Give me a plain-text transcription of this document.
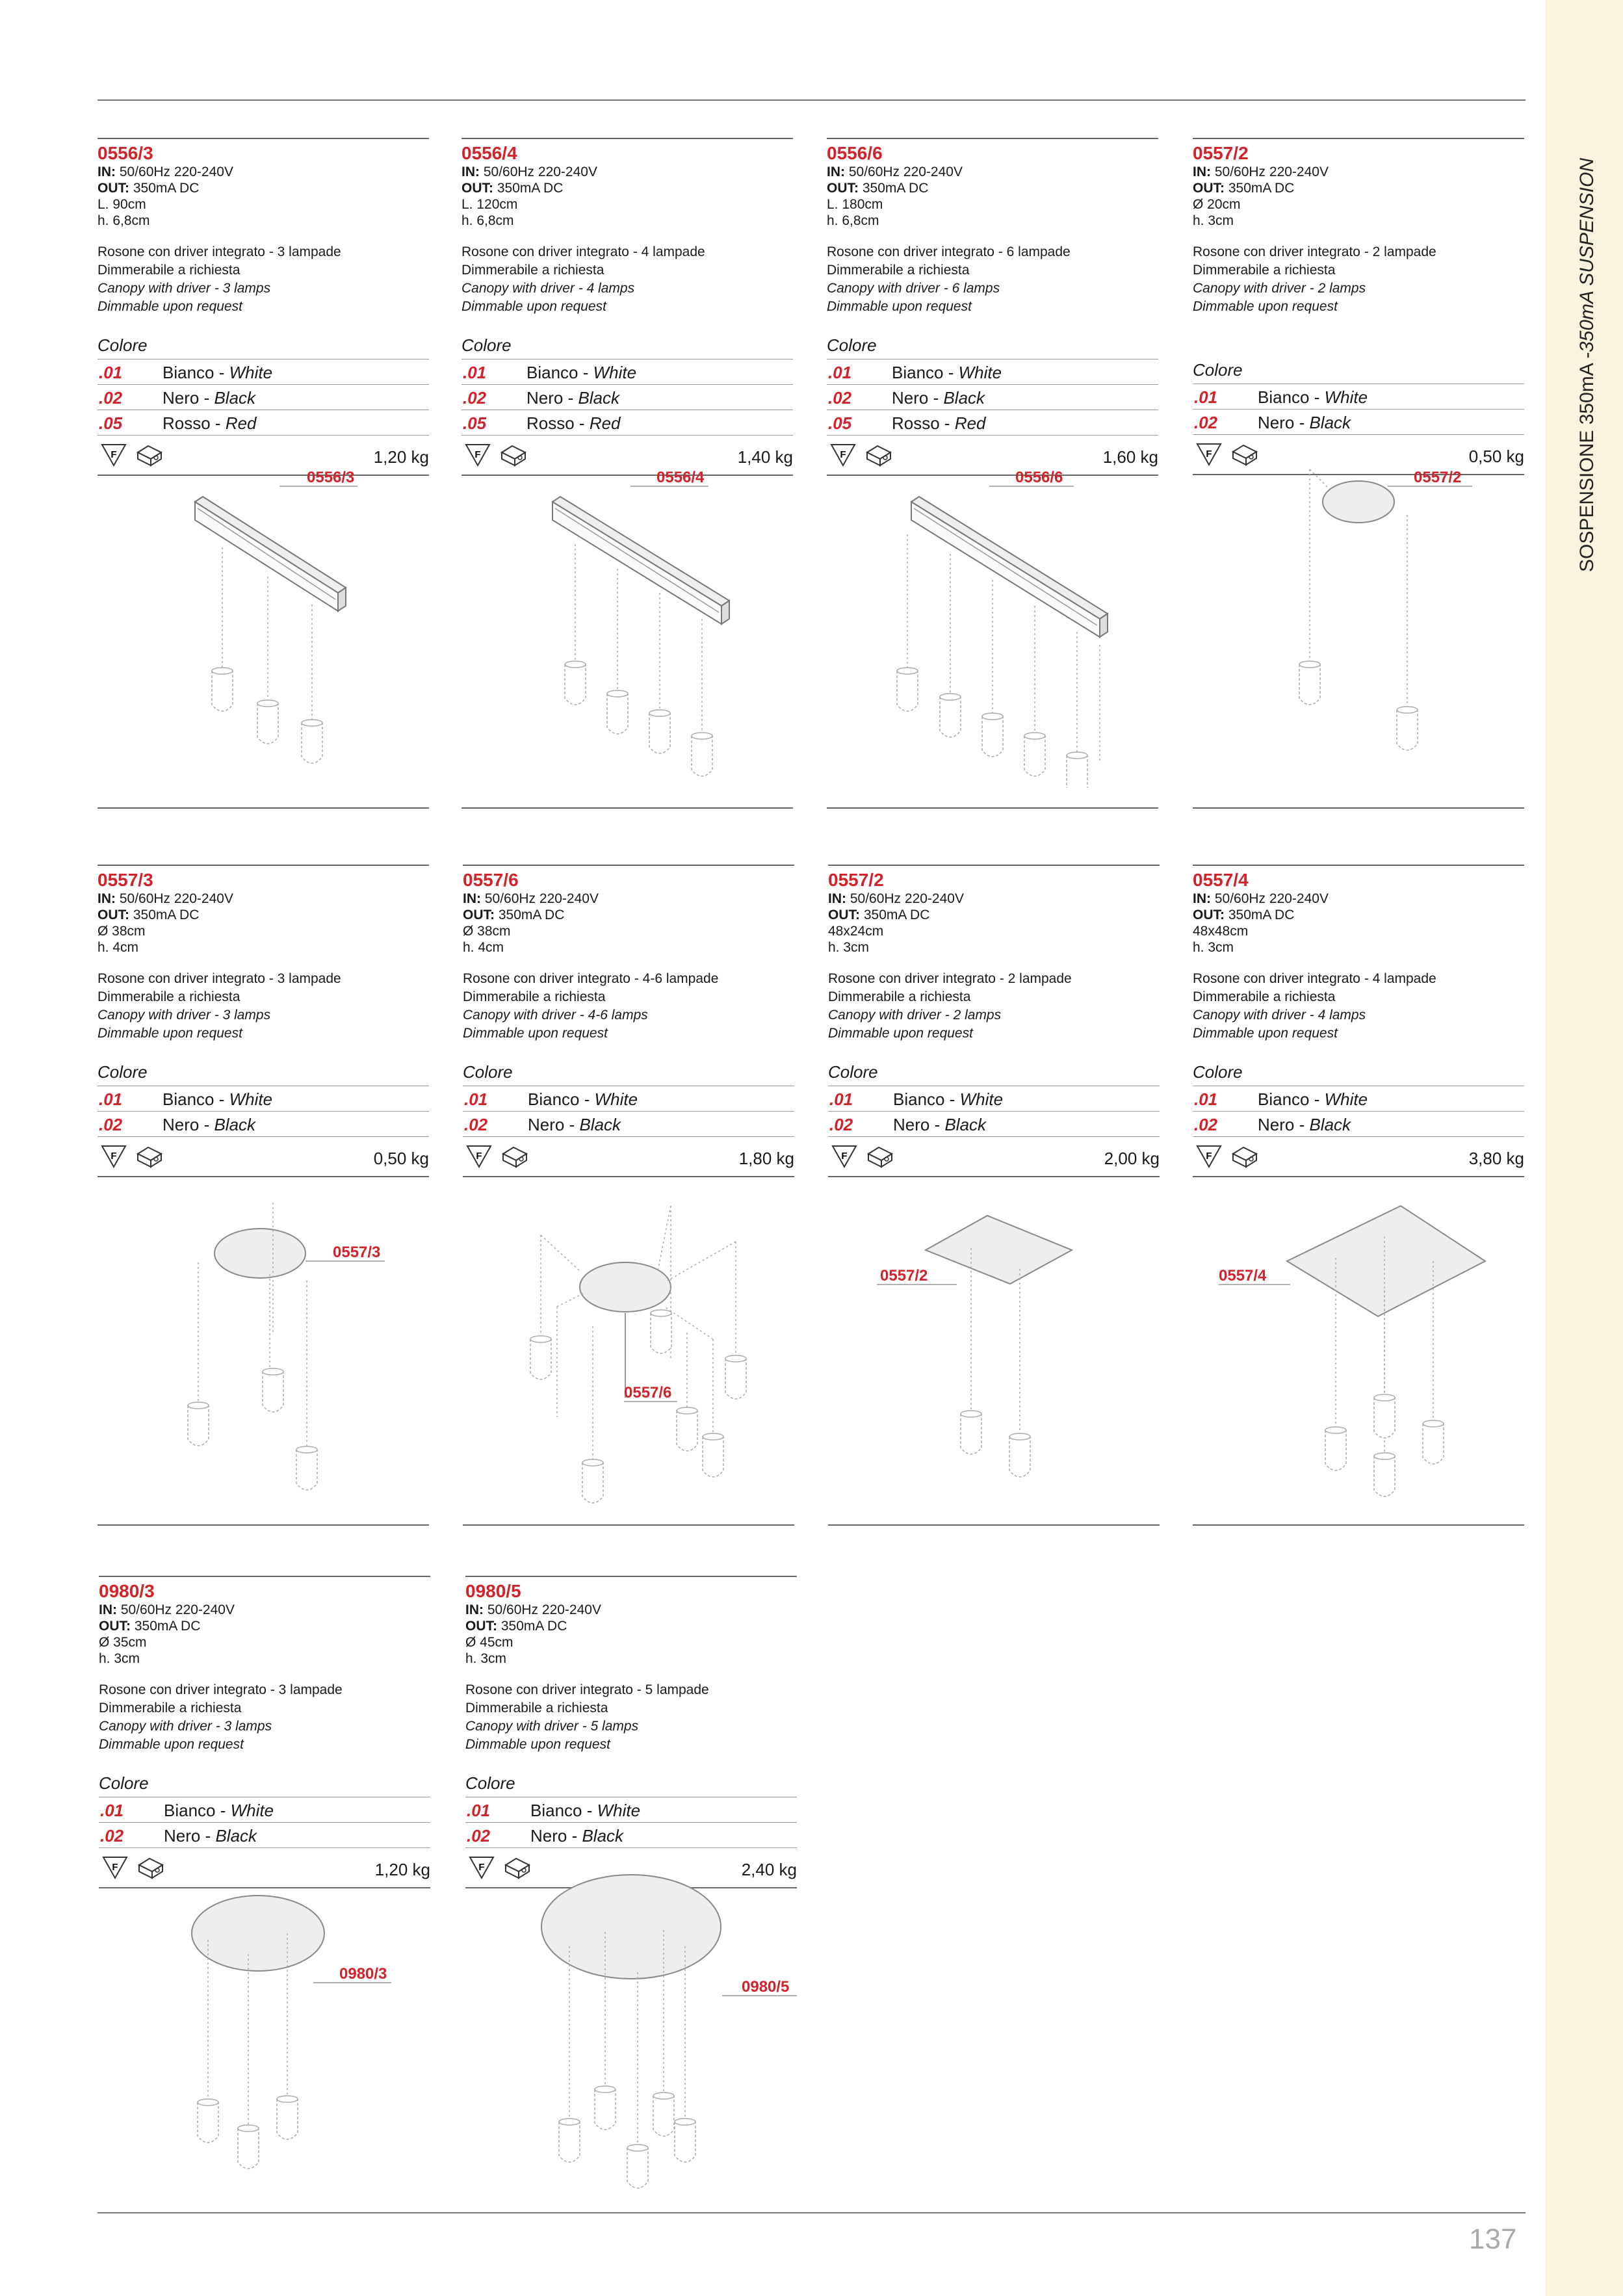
SOSPENSIONE 350mA -
350mA SUSPENSION
137
0556/3
IN: 50/60Hz 220-240V
OUT: 350mA DC
L. 90cm
h. 6,8cm
Rosone con driver integrato - 3 lampade
Dimmerabile a richiesta
Canopy with driver - 3 lamps
Dimmable upon request
Colore
.01 Bianco - White
.02 Nero - Black
.05 Rosso - Red
F	1,20 kg
0556/3
0556/4
IN: 50/60Hz 220-240V
OUT: 350mA DC
L. 120cm
h. 6,8cm
Rosone con driver integrato - 4 lampade
Dimmerabile a richiesta
Canopy with driver - 4 lamps
Dimmable upon request
Colore
.01 Bianco - White
.02 Nero - Black
.05 Rosso - Red
F	1,40 kg
0556/4
0556/6
IN: 50/60Hz 220-240V
OUT: 350mA DC
L. 180cm
h. 6,8cm
Rosone con driver integrato - 6 lampade
Dimmerabile a richiesta
Canopy with driver - 6 lamps
Dimmable upon request
Colore
.01 Bianco - White
.02 Nero - Black
.05 Rosso - Red
F	1,60 kg
0556/6
0557/2
IN: 50/60Hz 220-240V
OUT: 350mA DC
Ø 20cm
h. 3cm
Rosone con driver integrato - 2 lampade
Dimmerabile a richiesta
Canopy with driver - 2 lamps
Dimmable upon request
Colore
.01 Bianco - White
.02 Nero - Black
F	0,50 kg
0557/2
0557/3
IN: 50/60Hz 220-240V
OUT: 350mA DC
Ø 38cm
h. 4cm
Rosone con driver integrato - 3 lampade
Dimmerabile a richiesta
Canopy with driver - 3 lamps
Dimmable upon request
Colore
.01 Bianco - White
.02 Nero - Black
F	0,50 kg
0557/3
0557/6
IN: 50/60Hz 220-240V
OUT: 350mA DC
Ø 38cm
h. 4cm
Rosone con driver integrato - 4-6 lampade
Dimmerabile a richiesta
Canopy with driver - 4-6 lamps
Dimmable upon request
Colore
.01 Bianco - White
.02 Nero - Black
F	1,80 kg
0557/6
0557/2
IN: 50/60Hz 220-240V
OUT: 350mA DC
48x24cm
h. 3cm
Rosone con driver integrato - 2 lampade
Dimmerabile a richiesta
Canopy with driver - 2 lamps
Dimmable upon request
Colore
.01 Bianco - White
.02 Nero - Black
F	2,00 kg
0557/2
0557/4
IN: 50/60Hz 220-240V
OUT: 350mA DC
48x48cm
h. 3cm
Rosone con driver integrato - 4 lampade
Dimmerabile a richiesta
Canopy with driver - 4 lamps
Dimmable upon request
Colore
.01 Bianco - White
.02 Nero - Black
F	3,80 kg
0557/4
0980/3
IN: 50/60Hz 220-240V
OUT: 350mA DC
Ø 35cm
h. 3cm
Rosone con driver integrato - 3 lampade
Dimmerabile a richiesta
Canopy with driver - 3 lamps
Dimmable upon request
Colore
.01 Bianco - White
.02 Nero - Black
F	1,20 kg
0980/3
0980/5
IN: 50/60Hz 220-240V
OUT: 350mA DC
Ø 45cm
h. 3cm
Rosone con driver integrato - 5 lampade
Dimmerabile a richiesta
Canopy with driver - 5 lamps
Dimmable upon request
Colore
.01 Bianco - White
.02 Nero - Black
F	2,40 kg
0980/5
